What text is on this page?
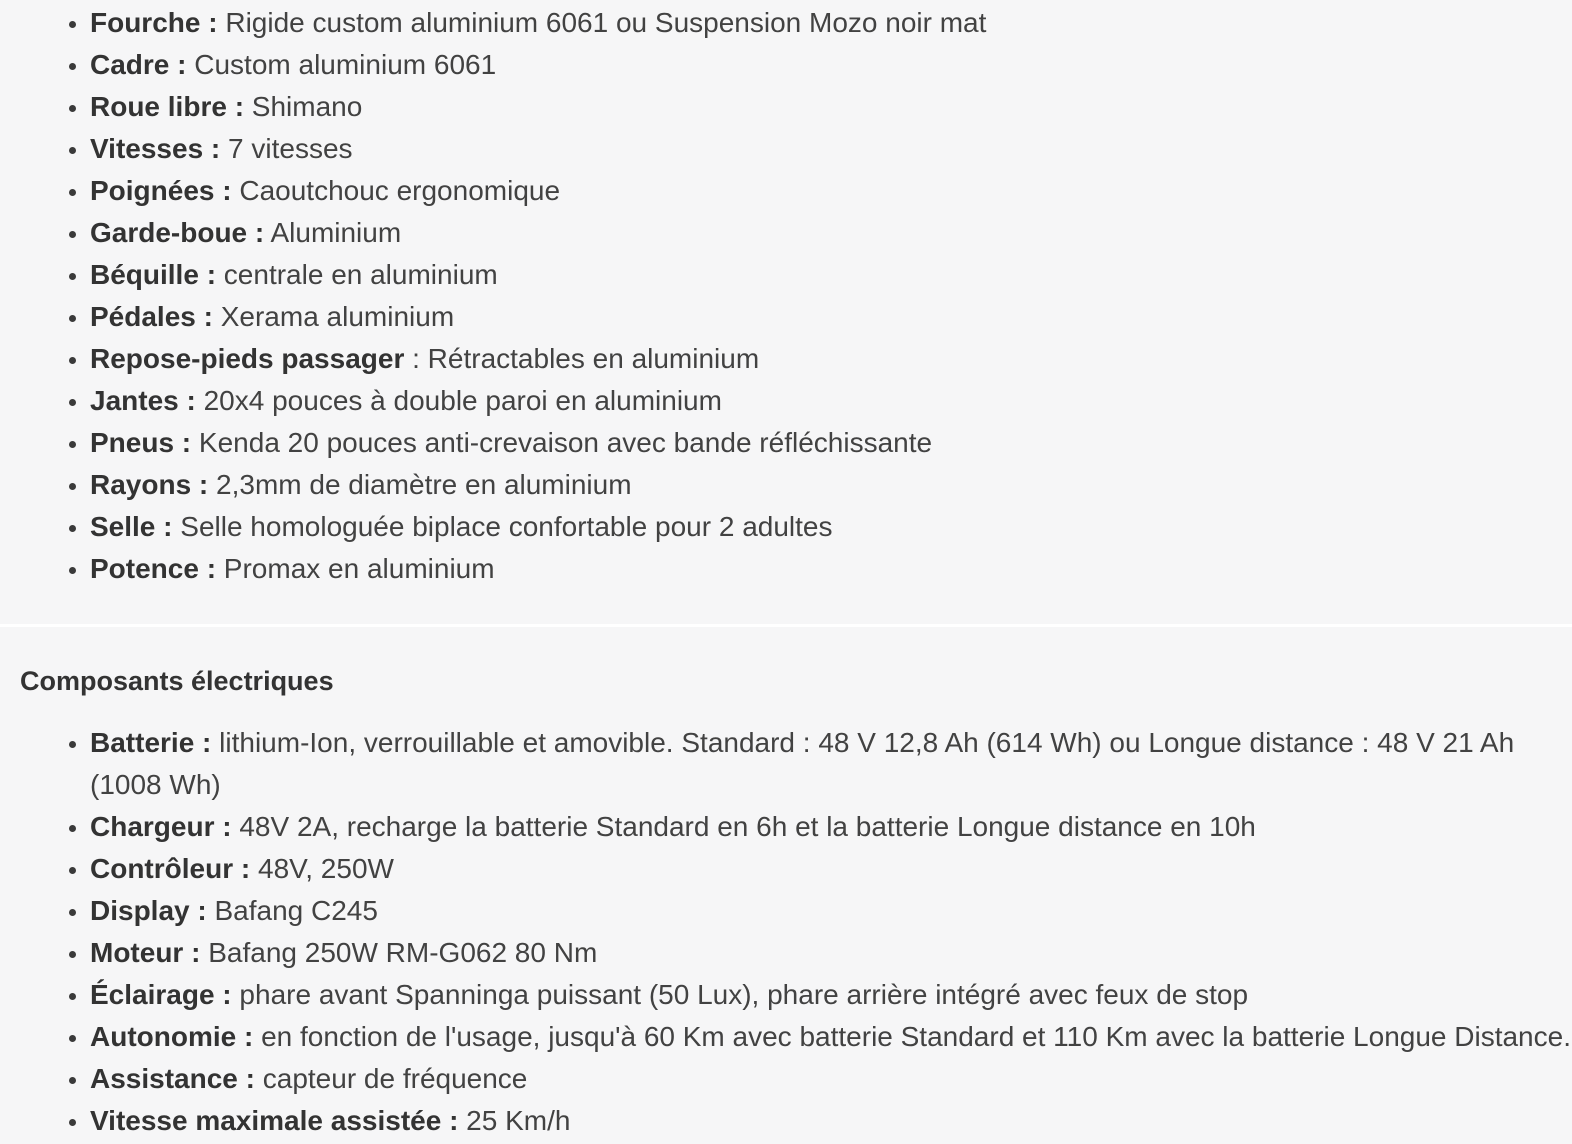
• Fourche : Rigide custom aluminium 6061 ou Suspension Mozo noir mat
• Cadre : Custom aluminium 6061
• Roue libre : Shimano
• Vitesses : 7 vitesses
• Poignées : Caoutchouc ergonomique
• Garde-boue : Aluminium
• Béquille : centrale en aluminium
• Pédales : Xerama aluminium
• Repose-pieds passager : Rétractables en aluminium
• Jantes : 20x4 pouces à double paroi en aluminium
• Pneus : Kenda 20 pouces anti-crevaison avec bande réfléchissante
• Rayons : 2,3mm de diamètre en aluminium
• Selle : Selle homologuée biplace confortable pour 2 adultes
• Potence : Promax en aluminium
Composants électriques
• Batterie : lithium-Ion, verrouillable et amovible. Standard : 48 V 12,8 Ah (614 Wh) ou Longue distance : 48 V 21 Ah (1008 Wh)
• Chargeur : 48V 2A, recharge la batterie Standard en 6h et la batterie Longue distance en 10h
• Contrôleur : 48V, 250W
• Display : Bafang C245
• Moteur : Bafang 250W RM-G062 80 Nm
• Éclairage : phare avant Spanninga puissant (50 Lux), phare arrière intégré avec feux de stop
• Autonomie : en fonction de l'usage, jusqu'à 60 Km avec batterie Standard et 110 Km avec la batterie Longue Distance.
• Assistance : capteur de fréquence
• Vitesse maximale assistée : 25 Km/h
